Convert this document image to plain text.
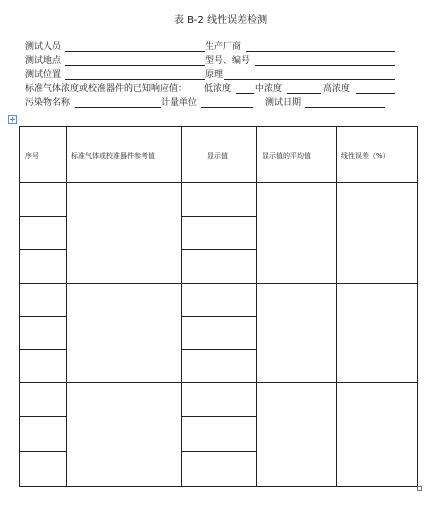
表 B-2 线性误差检测
测试人员	生产厂商
测试地点	型号、编号
测试位置	原理
标准气体浓度或校准器件的已知响应值： 低浓度	中浓度	高浓度
污染物名称	计量单位	测试日期
序号	标准气体或校准器件参考值	显示值	显示值的平均值	线性误差（%）
